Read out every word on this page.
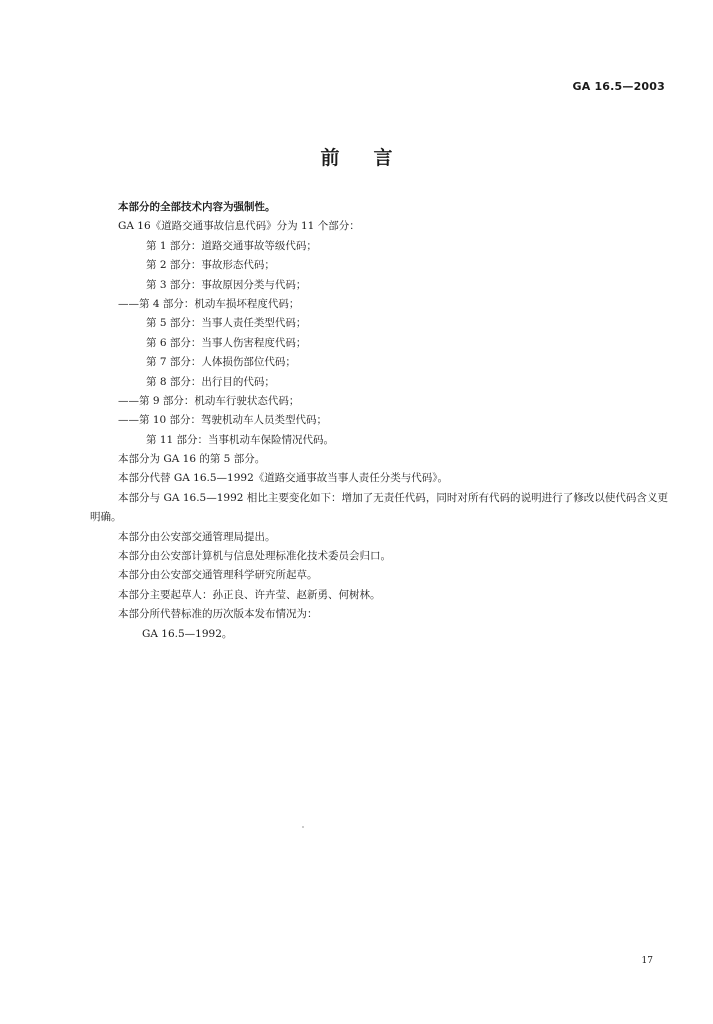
GA 16.5—2003
前言
本部分的全部技术内容为强制性。
GA 16《道路交通事故信息代码》分为 11 个部分：
第 1 部分：道路交通事故等级代码；
第 2 部分：事故形态代码；
第 3 部分：事故原因分类与代码；
——第 4 部分：机动车损坏程度代码；
第 5 部分：当事人责任类型代码；
第 6 部分：当事人伤害程度代码；
第 7 部分：人体损伤部位代码；
第 8 部分：出行目的代码；
——第 9 部分：机动车行驶状态代码；
——第 10 部分：驾驶机动车人员类型代码；
第 11 部分：当事机动车保险情况代码。
本部分为 GA 16 的第 5 部分。
本部分代替 GA 16.5—1992《道路交通事故当事人责任分类与代码》。
本部分与 GA 16.5—1992 相比主要变化如下：增加了无责任代码，同时对所有代码的说明进行了修改以使代码含义更明确。
本部分由公安部交通管理局提出。
本部分由公安部计算机与信息处理标准化技术委员会归口。
本部分由公安部交通管理科学研究所起草。
本部分主要起草人：孙正良、许卉莹、赵新勇、何树林。
本部分所代替标准的历次版本发布情况为：
GA 16.5—1992。
17
